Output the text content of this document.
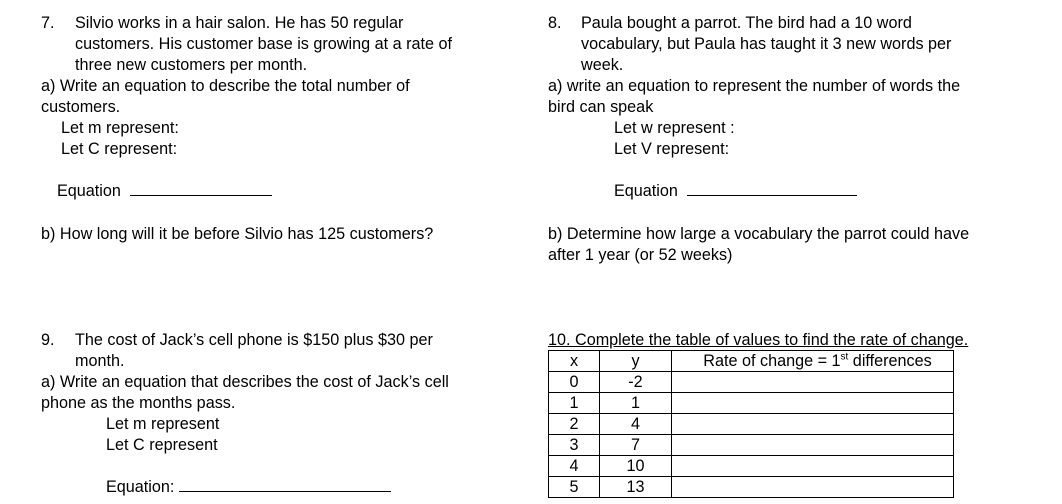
7. Silvio works in a hair salon. He has 50 regular
customers. His customer base is growing at a rate of
three new customers per month.
a) Write an equation to describe the total number of
customers.
Let m represent:
Let C represent:
Equation
b) How long will it be before Silvio has 125 customers?
8. Paula bought a parrot. The bird had a 10 word
vocabulary, but Paula has taught it 3 new words per
week.
a) write an equation to represent the number of words the
bird can speak
Let w represent :
Let V represent:
Equation
b) Determine how large a vocabulary the parrot could have
after 1 year (or 52 weeks)
9. The cost of Jack’s cell phone is $150 plus $30 per
month.
a) Write an equation that describes the cost of Jack’s cell
phone as the months pass.
Let m represent
Let C represent
Equation:
10. Complete the table of values to find the rate of change.
x	y	Rate of change = 1st differences
0	-2	
1	1	
2	4	
3	7	
4	10	
5	13	
